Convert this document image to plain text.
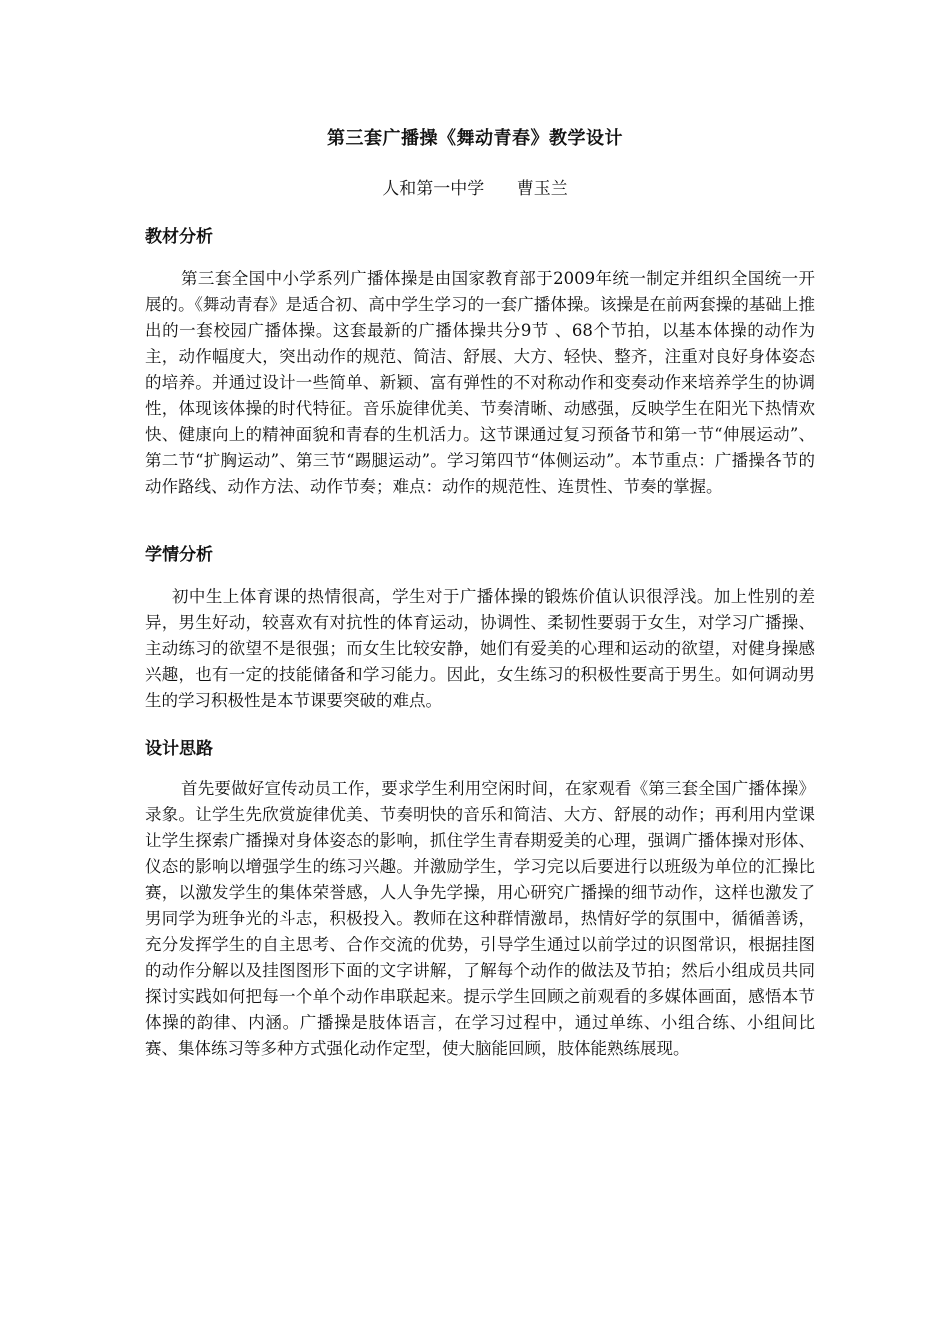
第三套广播操《舞动青春》教学设计
人和第一中学      曹玉兰
教材分析

第三套全国中小学系列广播体操是由国家教育部于2009年统一制定并组织全国统一开展的。《舞动青春》是适合初、高中学生学习的一套广播体操。该操是在前两套操的基础上推出的一套校园广播体操。这套最新的广播体操共分9节 、68个节拍，以基本体操的动作为主，动作幅度大，突出动作的规范、简洁、舒展、大方、轻快、整齐，注重对良好身体姿态的培养。并通过设计一些简单、新颖、富有弹性的不对称动作和变奏动作来培养学生的协调性，体现该体操的时代特征。音乐旋律优美、节奏清晰、动感强，反映学生在阳光下热情欢快、健康向上的精神面貌和青春的生机活力。这节课通过复习预备节和第一节“伸展运动”、第二节“扩胸运动”、第三节“踢腿运动”。学习第四节“体侧运动”。本节重点：广播操各节的动作路线、动作方法、动作节奏；难点：动作的规范性、连贯性、节奏的掌握。

学情分析

初中生上体育课的热情很高，学生对于广播体操的锻炼价值认识很浮浅。加上性别的差异，男生好动，较喜欢有对抗性的体育运动，协调性、柔韧性要弱于女生，对学习广播操、主动练习的欲望不是很强；而女生比较安静，她们有爱美的心理和运动的欲望，对健身操感兴趣，也有一定的技能储备和学习能力。因此，女生练习的积极性要高于男生。如何调动男生的学习积极性是本节课要突破的难点。

设计思路

首先要做好宣传动员工作，要求学生利用空闲时间，在家观看《第三套全国广播体操》录象。让学生先欣赏旋律优美、节奏明快的音乐和简洁、大方、舒展的动作；再利用内堂课让学生探索广播操对身体姿态的影响，抓住学生青春期爱美的心理，强调广播体操对形体、仪态的影响以增强学生的练习兴趣。并激励学生，学习完以后要进行以班级为单位的汇操比赛，以激发学生的集体荣誉感，人人争先学操，用心研究广播操的细节动作，这样也激发了男同学为班争光的斗志，积极投入。教师在这种群情激昂，热情好学的氛围中，循循善诱，充分发挥学生的自主思考、合作交流的优势，引导学生通过以前学过的识图常识，根据挂图的动作分解以及挂图图形下面的文字讲解，了解每个动作的做法及节拍；然后小组成员共同探讨实践如何把每一个单个动作串联起来。提示学生回顾之前观看的多媒体画面，感悟本节体操的韵律、内涵。广播操是肢体语言，在学习过程中，通过单练、小组合练、小组间比赛、集体练习等多种方式强化动作定型，使大脑能回顾，肢体能熟练展现。
